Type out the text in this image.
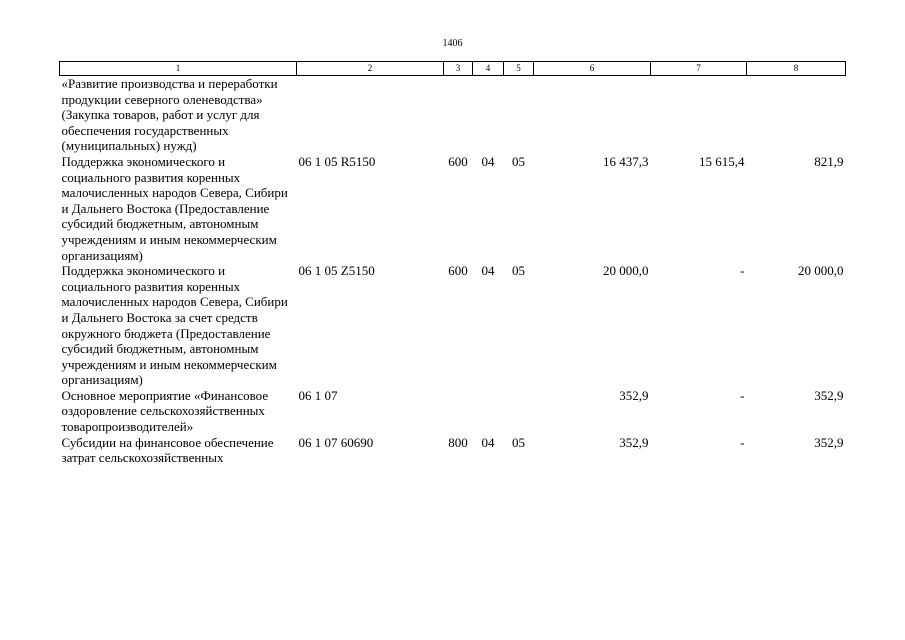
1406
1	2	3	4	5	6	7	8
«Развитие производства и переработки продукции северного оленеводства» (Закупка товаров, работ и услуг для обеспечения государственных (муниципальных) нужд)							
Поддержка экономического и социального развития коренных малочисленных народов Севера, Сибири и Дальнего Востока (Предоставление субсидий бюджетным, автономным учреждениям и иным некоммерческим организациям)	06 1 05 R5150	600	04	05	16 437,3	15 615,4	821,9
Поддержка экономического и социального развития коренных малочисленных народов Севера, Сибири и Дальнего Востока за счет средств окружного бюджета (Предоставление субсидий бюджетным, автономным учреждениям и иным некоммерческим организациям)	06 1 05 Z5150	600	04	05	20 000,0	-	20 000,0
Основное мероприятие «Финансовое оздоровление сельскохозяйственных товаропроизводителей»	06 1 07				352,9	-	352,9
Субсидии на финансовое обеспечение затрат сельскохозяйственных	06 1 07 60690	800	04	05	352,9	-	352,9
